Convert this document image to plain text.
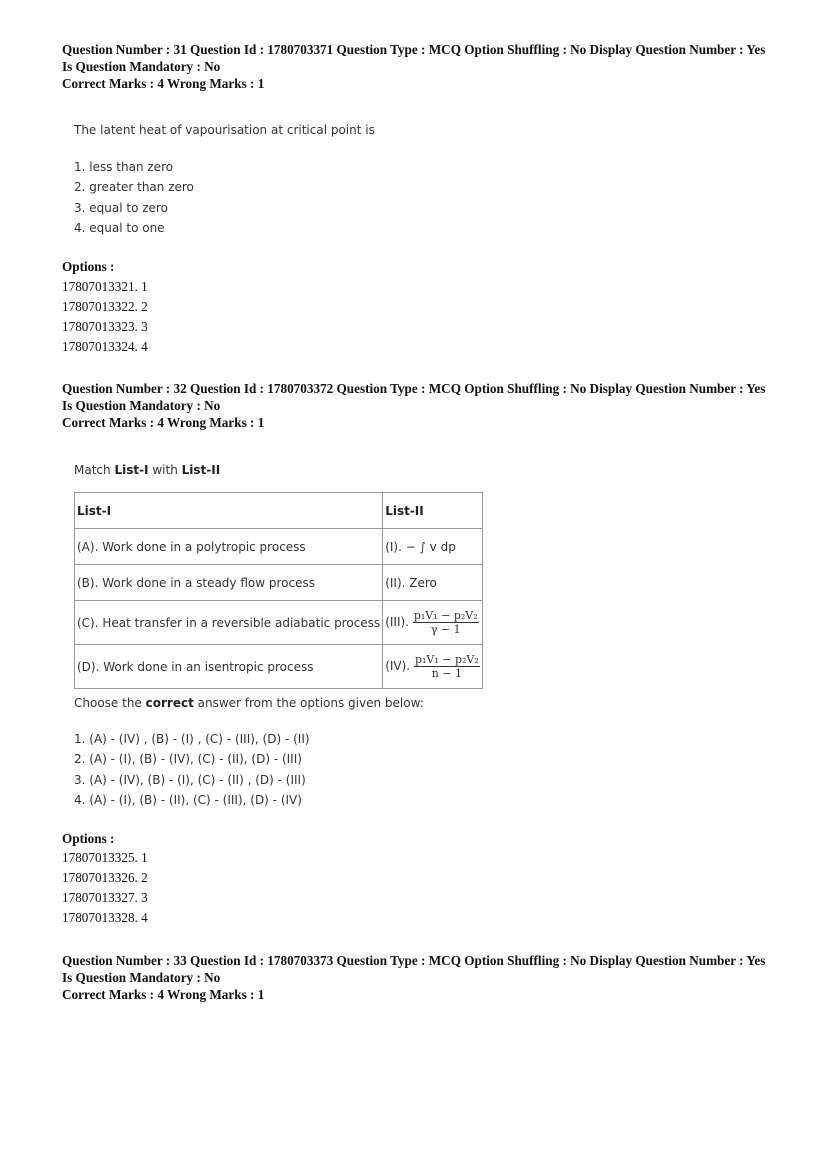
Question Number : 31 Question Id : 1780703371 Question Type : MCQ Option Shuffling : No Display Question Number : Yes
Is Question Mandatory : No
Correct Marks : 4 Wrong Marks : 1
The latent heat of vapourisation at critical point is
1. less than zero
2. greater than zero
3. equal to zero
4. equal to one
Options :
17807013321. 1
17807013322. 2
17807013323. 3
17807013324. 4
Question Number : 32 Question Id : 1780703372 Question Type : MCQ Option Shuffling : No Display Question Number : Yes
Is Question Mandatory : No
Correct Marks : 4 Wrong Marks : 1
Match List-I with List-II
List-I	List-II
(A). Work done in a polytropic process	(I). − ∫ v dp
(B). Work done in a steady flow process	(II). Zero
(C). Heat transfer in a reversible adiabatic process	(III). $\frac{\text{p₁V₁ − p₂V₂}}{\gamma - 1}$

(D). Work done in an isentropic process	(IV). $\frac{\text{p₁V₁ − p₂V₂}}{n - 1}$
Choose the correct answer from the options given below:
1. (A) - (IV) , (B) - (I) , (C) - (III), (D) - (II)
2. (A) - (I), (B) - (IV), (C) - (II), (D) - (III)
3. (A) - (IV), (B) - (I), (C) - (II) , (D) - (III)
4. (A) - (I), (B) - (II), (C) - (III), (D) - (IV)
Options :
17807013325. 1
17807013326. 2
17807013327. 3
17807013328. 4
Question Number : 33 Question Id : 1780703373 Question Type : MCQ Option Shuffling : No Display Question Number : Yes
Is Question Mandatory : No
Correct Marks : 4 Wrong Marks : 1
